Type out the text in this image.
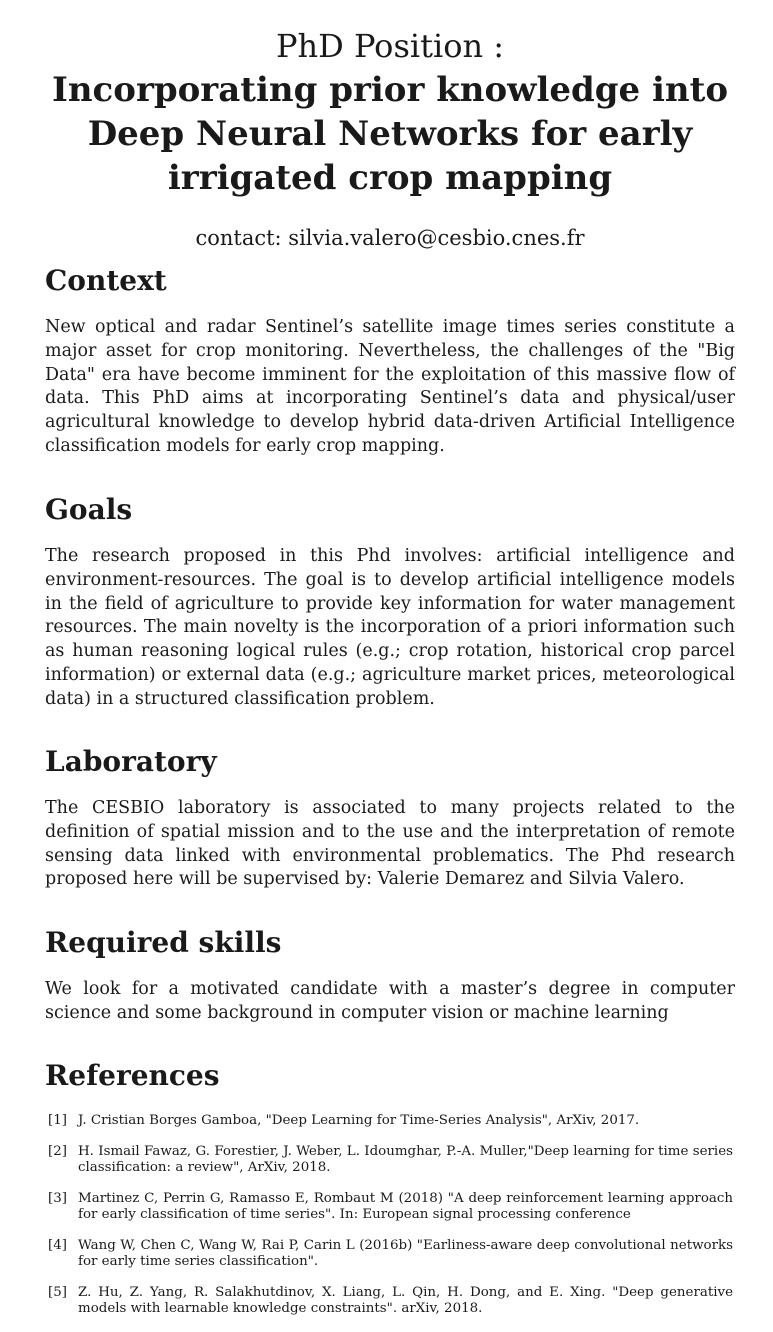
PhD Position :
Incorporating prior knowledge into Deep Neural Networks for early irrigated crop mapping

contact: silvia.valero@cesbio.cnes.fr

Context

New optical and radar Sentinel’s satellite image times series constitute a major asset for crop monitoring. Nevertheless, the challenges of the "Big Data" era have become imminent for the exploitation of this massive flow of data. This PhD aims at incorporating Sentinel’s data and physical/user agricultural knowledge to develop hybrid data-driven Artificial Intelligence classification models for early crop mapping.

Goals

The research proposed in this Phd involves: artificial intelligence and environment-resources. The goal is to develop artificial intelligence models in the field of agriculture to provide key information for water management resources. The main novelty is the incorporation of a priori information such as human reasoning logical rules (e.g.; crop rotation, historical crop parcel information) or external data (e.g.; agriculture market prices, meteorological data) in a structured classification problem.

Laboratory

The CESBIO laboratory is associated to many projects related to the definition of spatial mission and to the use and the interpretation of remote sensing data linked with environmental problematics. The Phd research proposed here will be supervised by: Valerie Demarez and Silvia Valero.

Required skills

We look for a motivated candidate with a master’s degree in computer science and some background in computer vision or machine learning

References
[1] J. Cristian Borges Gamboa, "Deep Learning for Time-Series Analysis", ArXiv, 2017.
[2] H. Ismail Fawaz, G. Forestier, J. Weber, L. Idoumghar, P.-A. Muller,"Deep learning for time series classification: a review", ArXiv, 2018.
[3] Martinez C, Perrin G, Ramasso E, Rombaut M (2018) "A deep reinforcement learning approach for early classification of time series". In: European signal processing conference
[4] Wang W, Chen C, Wang W, Rai P, Carin L (2016b) "Earliness-aware deep convolutional networks for early time series classification".
[5] Z. Hu, Z. Yang, R. Salakhutdinov, X. Liang, L. Qin, H. Dong, and E. Xing. "Deep generative models with learnable knowledge constraints". arXiv, 2018.
